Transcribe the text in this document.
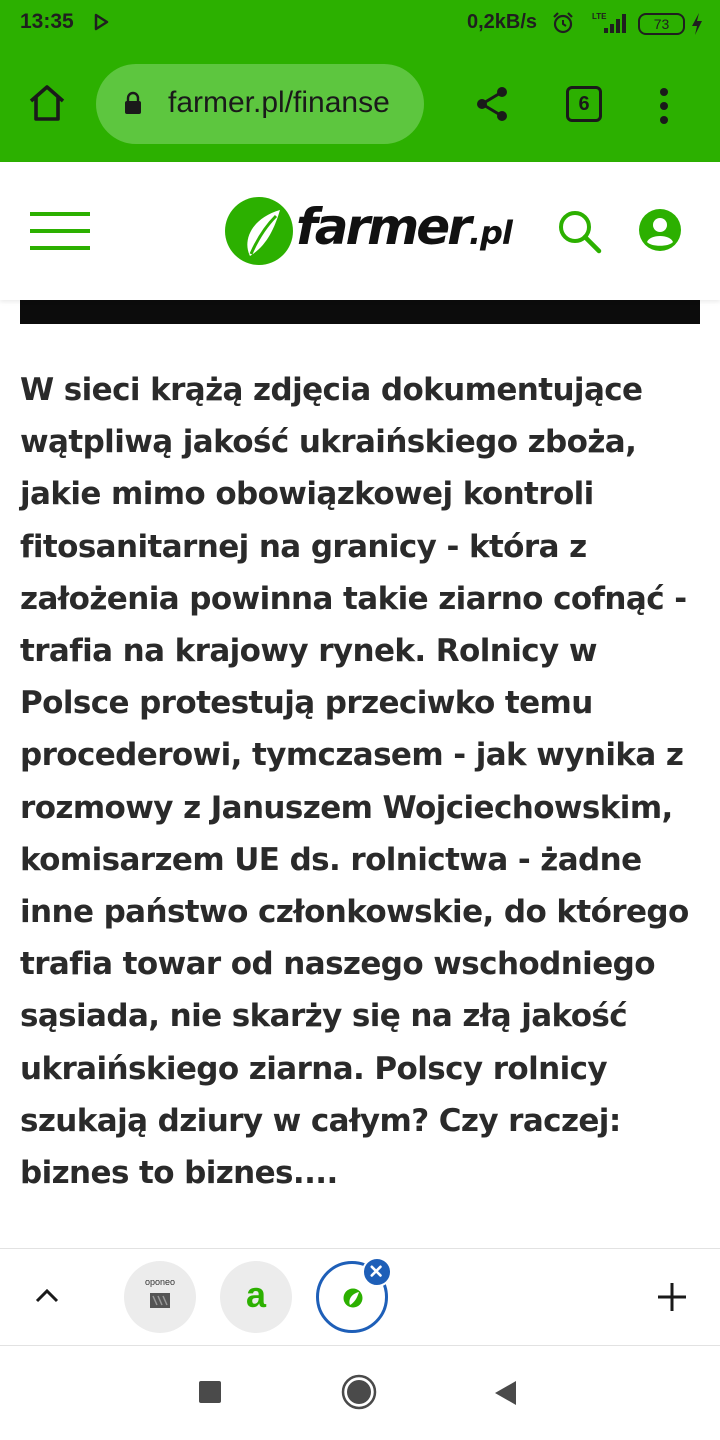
13:35	0,2kB/s	LTE	73
farmer.pl/finanse	6
farmer.pl

W sieci krążą zdjęcia dokumentujące wątpliwą jakość ukraińskiego zboża, jakie mimo obowiązkowej kontroli fitosanitarnej na granicy - która z założenia powinna takie ziarno cofnąć - trafia na krajowy rynek. Rolnicy w Polsce protestują przeciwko temu procederowi, tymczasem - jak wynika z rozmowy z Januszem Wojciechowskim, komisarzem UE ds. rolnictwa - żadne inne państwo członkowskie, do którego trafia towar od naszego wschodniego sąsiada, nie skarży się na złą jakość ukraińskiego ziarna. Polscy rolnicy szukają dziury w całym? Czy raczej: biznes to biznes....

oponeo	a
